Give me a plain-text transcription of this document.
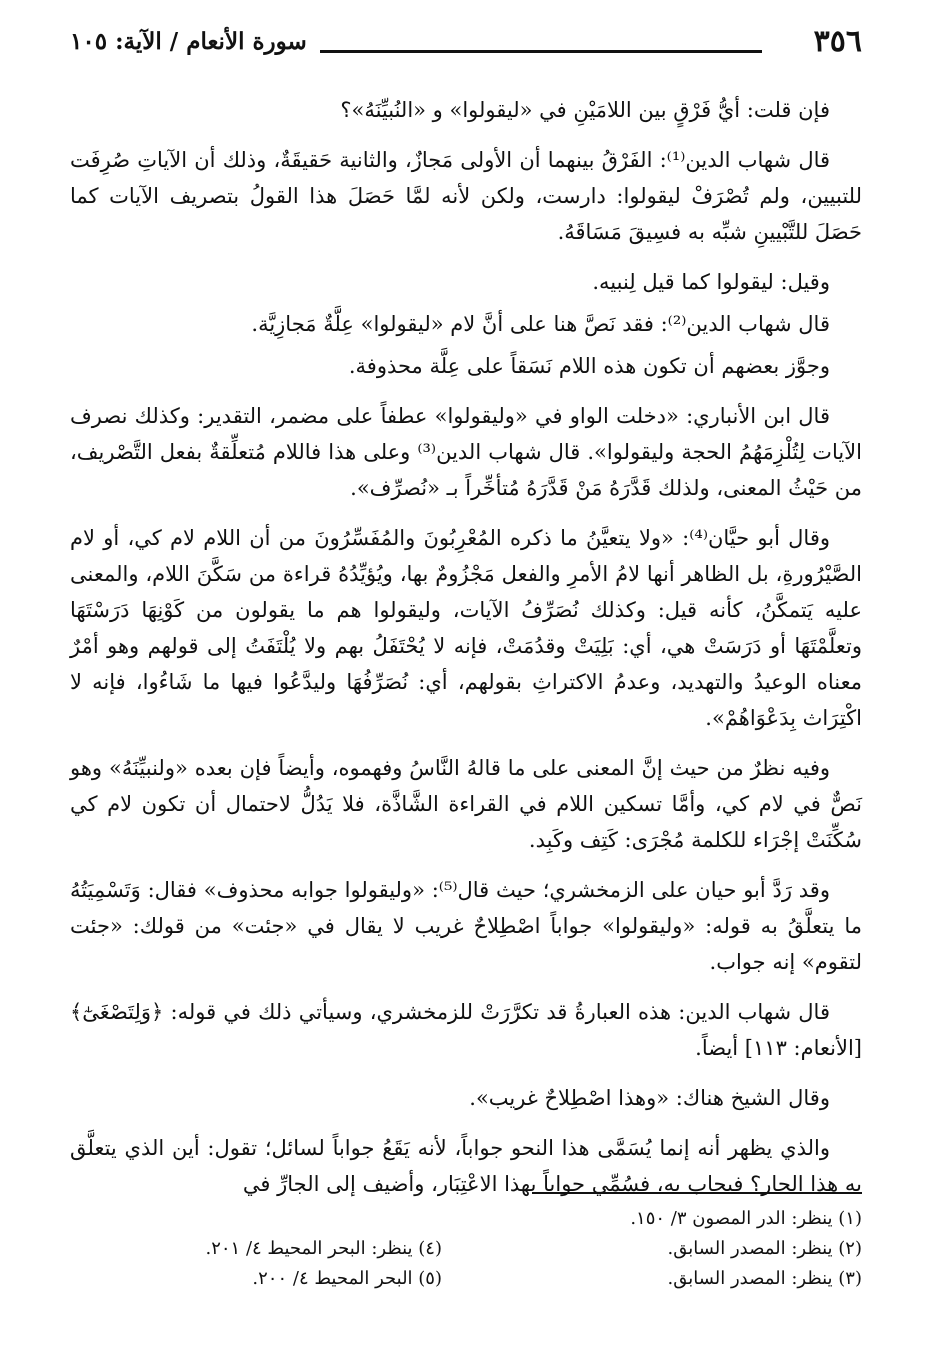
٣٥٦
سورة الأنعام / الآية: ١٠٥

فإن قلت: أيُّ فَرْقٍ بين اللامَيْنِ في «ليقولوا» و «النُبيِّنَهُ»؟

قال شهاب الدين⁽¹⁾: الفَرْقُ بينهما أن الأولى مَجازٌ، والثانية حَقيقَةٌ، وذلك أن الآياتِ صُرِفَت للتبيين، ولم تُصْرَفْ ليقولوا: دارست، ولكن لأنه لمَّا حَصَلَ هذا القولُ بتصريف الآيات كما حَصَلَ للتَّبْيينِ شبِّه به فسِيقَ مَسَاقَهُ.

وقيل: ليقولوا كما قيل لِنبيه.

قال شهاب الدين⁽²⁾: فقد نَصَّ هنا على أنَّ لام «ليقولوا» عِلَّةٌ مَجازِيَّة.

وجوَّز بعضهم أن تكون هذه اللام نَسَقاً على عِلَّة محذوفة.

قال ابن الأنباري: «دخلت الواو في «وليقولوا» عطفاً على مضمر، التقدير: وكذلك نصرف الآيات لِتُلْزِمَهُمُ الحجة وليقولوا». قال شهاب الدين⁽³⁾ وعلى هذا فاللام مُتعلِّقةٌ بفعل التَّصْريف، من حَيْثُ المعنى، ولذلك قَدَّرَهُ مَنْ قَدَّرَهُ مُتأخِّراً بـ «نُصرِّف».

وقال أبو حيَّان⁽⁴⁾: «ولا يتعيَّنُ ما ذكره المُعْرِبُونَ والمُفَسِّرُونَ من أن اللام لام كي، أو لام الصَّيْرُورةِ، بل الظاهر أنها لامُ الأمرِ والفعل مَجْزُومٌ بها، ويُؤيِّدُهُ قراءة من سَكَّنَ اللام، والمعنى عليه يَتمكَّنُ، كأنه قيل: وكذلك نُصَرِّفُ الآيات، وليقولوا هم ما يقولون من كَوْنِهَا دَرَسْتَهَا وتعلَّمْتَهَا أو دَرَسَتْ هي، أي: بَلِيَتْ وقدُمَتْ، فإنه لا يُحْتَفَلُ بهم ولا يُلْتَفَتُ إلى قولهم وهو أمْرٌ معناه الوعيدُ والتهديد، وعدمُ الاكتراثِ بقولهم، أي: نُصَرِّفُهَا وليدَّعُوا فيها ما شَاءُوا، فإنه لا اكْتِرَاث بِدَعْوَاهُمْ».

وفيه نظرٌ من حيث إنَّ المعنى على ما قالهُ النَّاسُ وفهموه، وأيضاً فإن بعده «ولنبيِّنَهُ» وهو نَصٌّ في لام كي، وأمَّا تسكين اللام في القراءة الشَّاذَّة، فلا يَدُلُّ لاحتمال أن تكون لام كي سُكِّنَتْ إجْرَاء للكلمة مُجْرَى: كَتِف وكَبِد.

وقد رَدَّ أبو حيان على الزمخشري؛ حيث قال⁽⁵⁾: «وليقولوا جوابه محذوف» فقال: وَتَسْمِيَتُهُ ما يتعلَّقُ به قوله: «وليقولوا» جواباً اصْطِلاحٌ غريب لا يقال في «جئت» من قولك: «جئت لتقوم» إنه جواب.

قال شهاب الدين: هذه العبارةُ قد تكرَّرَتْ للزمخشري، وسيأتي ذلك في قوله: ﴿وَلِتَصْغَىٰٓ﴾ [الأنعام: ١١٣] أيضاً.

وقال الشيخ هناك: «وهذا اصْطِلاحٌ غريب».

والذي يظهر أنه إنما يُسَمَّى هذا النحو جواباً، لأنه يَقَعُ جواباً لسائل؛ تقول: أين الذي يتعلَّق به هذا الجار؟ فيجاب به، فسُمِّي جواباً بهذا الاعْتِبَار، وأضيف إلى الجارِّ في

(١) ينظر: الدر المصون ٣/ ١٥٠.
(٢) ينظر: المصدر السابق.
(٣) ينظر: المصدر السابق.
(٤) ينظر: البحر المحيط ٤/ ٢٠١.
(٥) البحر المحيط ٤/ ٢٠٠.
